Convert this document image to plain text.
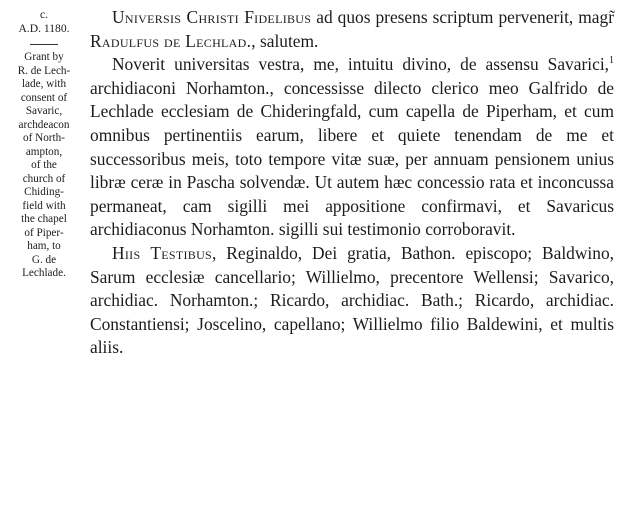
c.
A.D. 1180.
Grant by
R. de Lech-
lade, with
consent of
Savaric,
archdeacon
of North-
ampton,
of the
church of
Chiding-
field with
the chapel
of Piper-
ham, to
G. de
Lechlade.

Universis Christi Fidelibus ad quos presens scriptum pervenerit, magr̃ Radulfus de Lechlad., salutem.

Noverit universitas vestra, me, intuitu divino, de assensu Savarici,$^1$ archidiaconi Norhamton., concessisse dilecto clerico meo Galfrido de Lechlade ecclesiam de Chideringfald, cum capella de Piperham, et cum omnibus pertinentiis earum, libere et quiete tenendam de me et successoribus meis, toto tempore vitæ suæ, per annuam pensionem unius libræ ceræ in Pascha solvendæ. Ut autem hæc concessio rata et inconcussa permaneat, cam sigilli mei appositione confirmavi, et Savaricus archidiaconus Norhamton. sigilli sui testimonio corroboravit.

Hiis Testibus, Reginaldo, Dei gratia, Bathon. episcopo; Baldwino, Sarum ecclesiæ cancellario; Willielmo, precentore Wellensi; Savarico, archidiac. Norhamton.; Ricardo, archidiac. Bath.; Ricardo, archidiac. Constantiensi; Joscelino, capellano; Willielmo filio Baldewini, et multis aliis.
